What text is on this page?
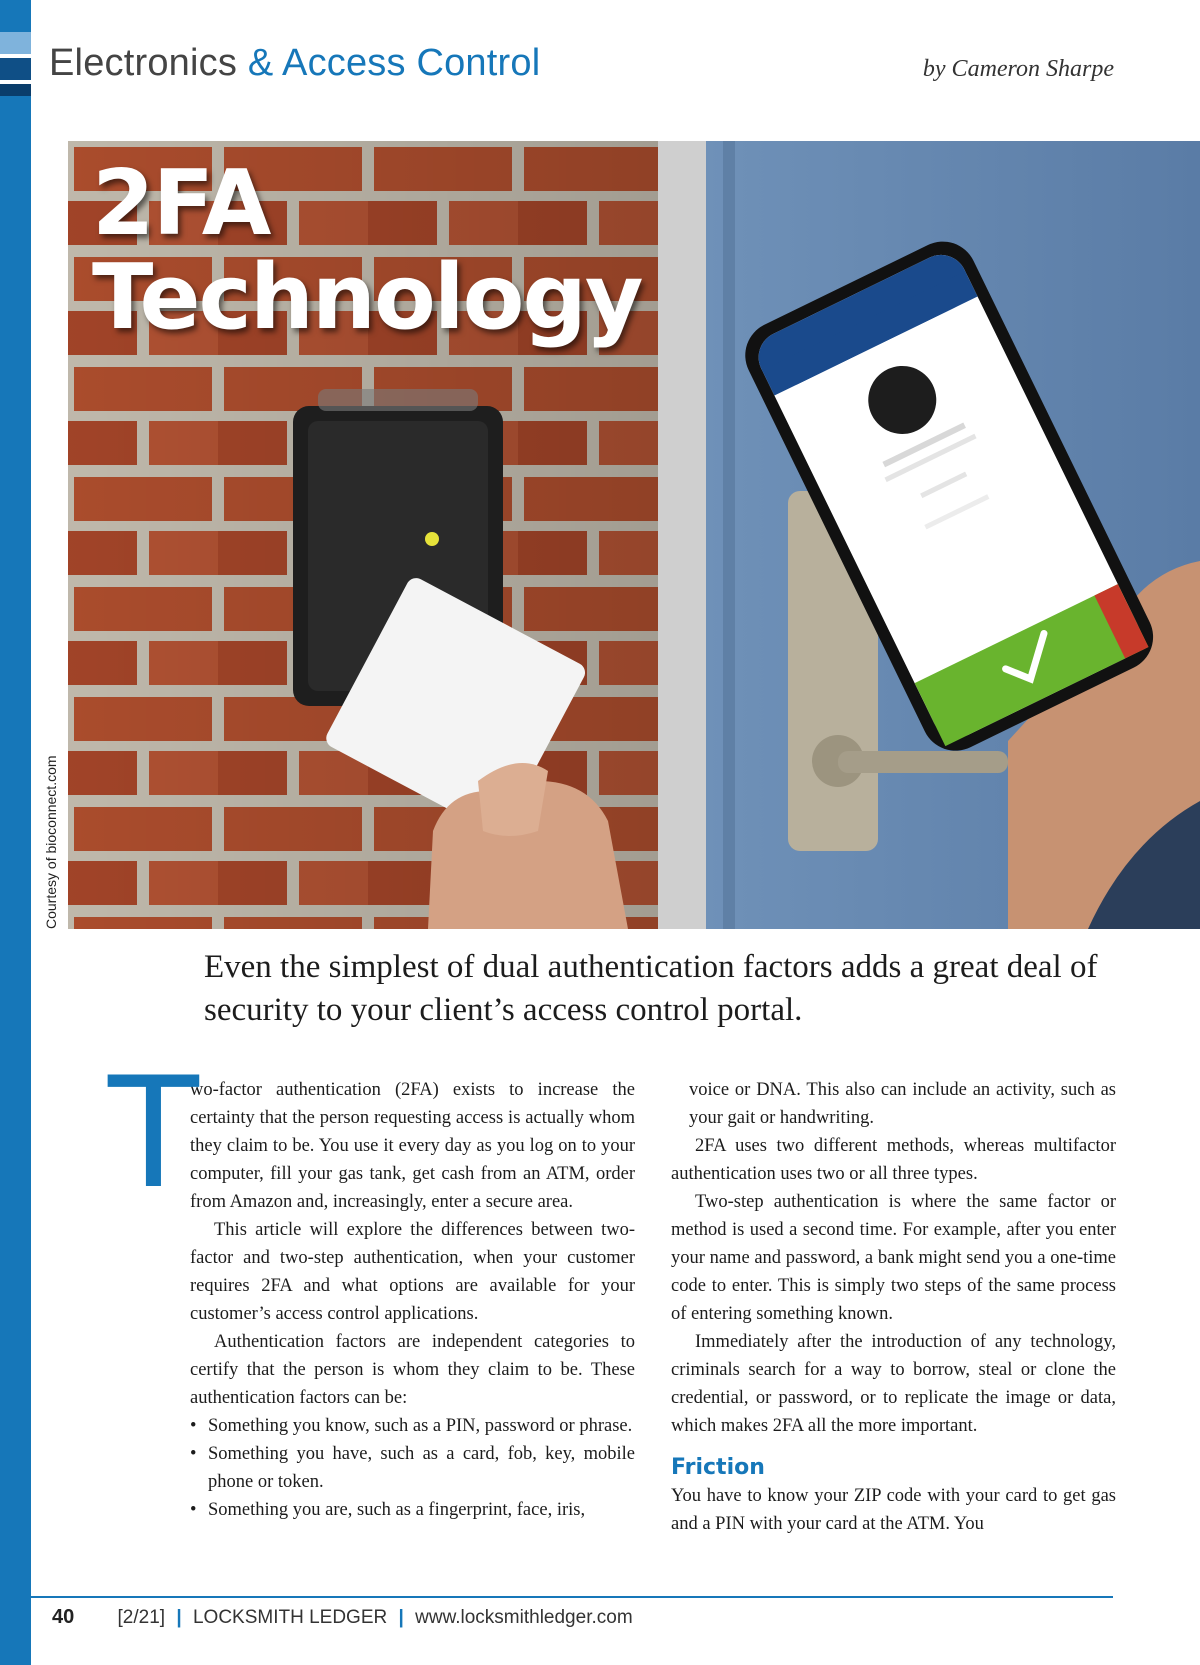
Electronics & Access Control	by Cameron Sharpe
2FA
Technology
Courtesy of bioconnect.com
Even the simplest of dual authentication factors adds a great deal of security to your client’s access control portal.
T

wo-factor authentication (2FA) exists to increase the certainty that the person requesting access is actually whom they claim to be. You use it every day as you log on to your computer, fill your gas tank, get cash from an ATM, order from Amazon and, increasingly, enter a secure area.

This article will explore the differences between two-factor and two-step authentication, when your customer requires 2FA and what options are available for your customer’s access control applications.

Authentication factors are independent categories to certify that the person is whom they claim to be. These authentication factors can be:

• Something you know, such as a PIN, password or phrase.
• Something you have, such as a card, fob, key, mobile phone or token.
• Something you are, such as a fingerprint, face, iris,

voice or DNA. This also can include an activity, such as your gait or handwriting.

2FA uses two different methods, whereas multifactor authentication uses two or all three types.

Two-step authentication is where the same factor or method is used a second time. For example, after you enter your name and password, a bank might send you a one-time code to enter. This is simply two steps of the same process of entering something known.

Immediately after the introduction of any technology, criminals search for a way to borrow, steal or clone the credential, or password, or to replicate the image or data, which makes 2FA all the more important.

Friction

You have to know your ZIP code with your card to get gas and a PIN with your card at the ATM. You

40 [2/21] | LOCKSMITH LEDGER | www.locksmithledger.com
